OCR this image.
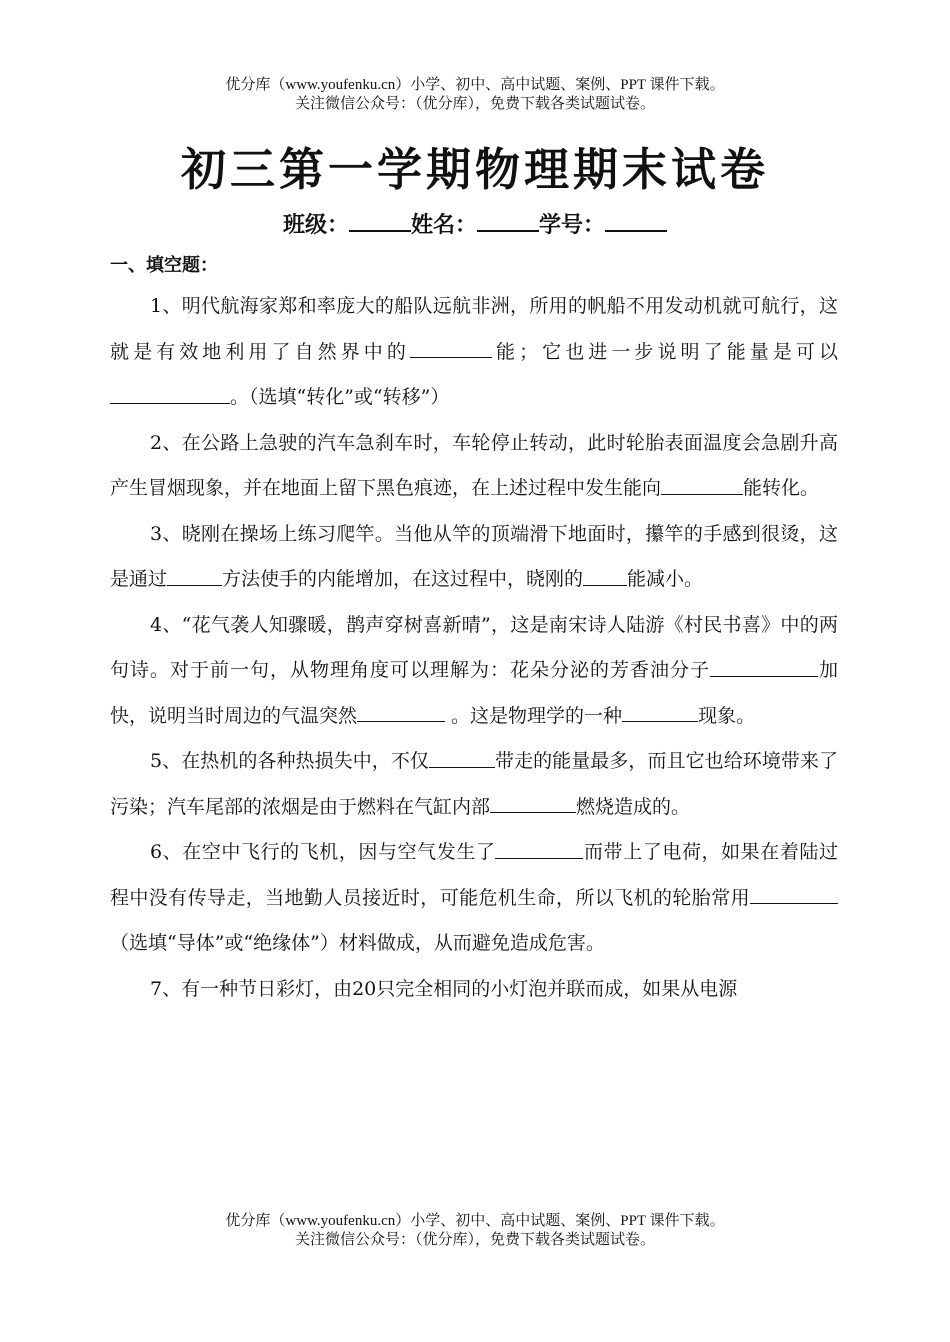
优分库（www.youfenku.cn）小学、初中、高中试题、案例、PPT 课件下载。
关注微信公众号：（优分库），免费下载各类试题试卷。
初三第一学期物理期末试卷
班级：	姓名：	学号：
一、填空题：

1、明代航海家郑和率庞大的船队远航非洲，所用的帆船不用发动机就可航行，这就是有效地利用了自然界中的	能；它也进一步说明了能量是可以。（选填“转化”或“转移”）

2、在公路上急驶的汽车急刹车时，车轮停止转动，此时轮胎表面温度会急剧升高产生冒烟现象，并在地面上留下黑色痕迹，在上述过程中发生能向	能转化。

3、晓刚在操场上练习爬竿。当他从竿的顶端滑下地面时，攥竿的手感到很烫，这是通过	方法使手的内能增加，在这过程中，晓刚的 能减小。

4、“花气袭人知骤暖，鹊声穿树喜新晴”，这是南宋诗人陆游《村民书喜》中的两句诗。对于前一句，从物理角度可以理解为：花朵分泌的芳香油分子	加快，说明当时周边的气温突然	。这是物理学的一种	现象。

5、在热机的各种热损失中，不仅	带走的能量最多，而且它也给环境带来了污染；汽车尾部的浓烟是由于燃料在气缸内部	燃烧造成的。

6、在空中飞行的飞机，因与空气发生了	而带上了电荷，如果在着陆过程中没有传导走，当地勤人员接近时，可能危机生命，所以飞机的轮胎常用（选填“导体”或“绝缘体”）材料做成，从而避免造成危害。

7、有一种节日彩灯，由20只完全相同的小灯泡并联而成，如果从电源

优分库（www.youfenku.cn）小学、初中、高中试题、案例、PPT 课件下载。
关注微信公众号：（优分库），免费下载各类试题试卷。
